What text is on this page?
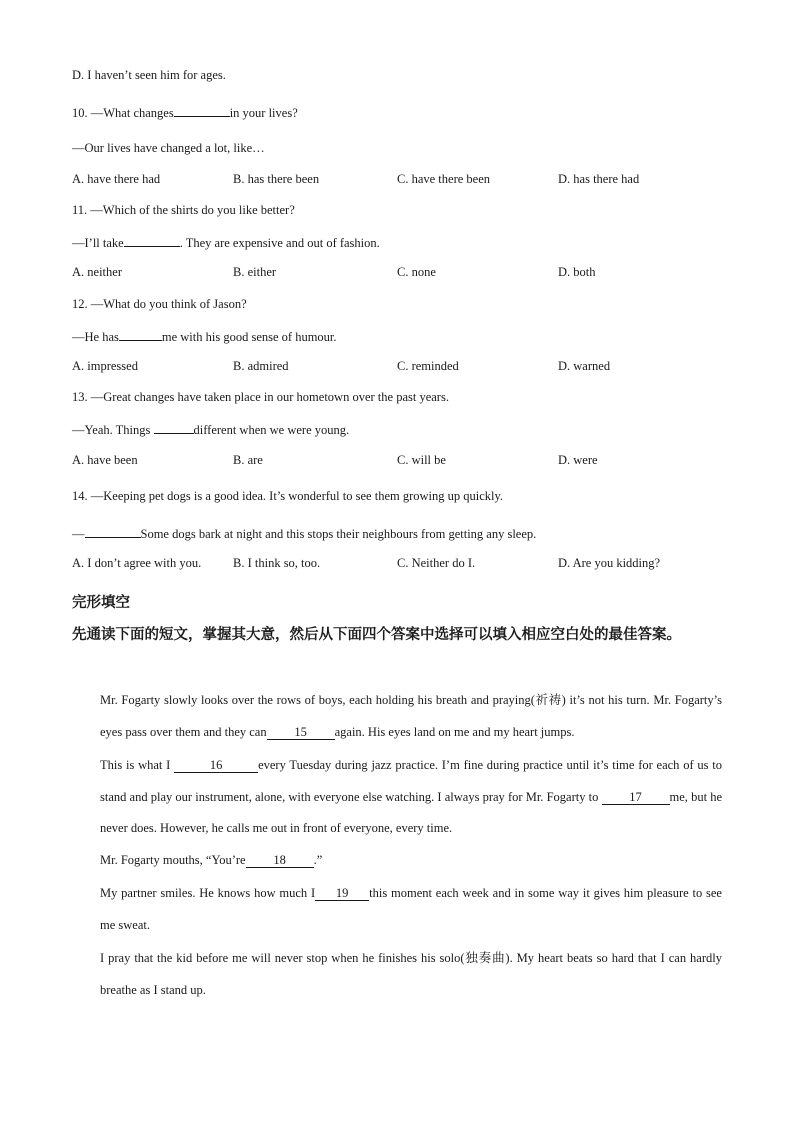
D. I haven’t seen him for ages.
10. —What changes	in your lives?
—Our lives have changed a lot, like…
A. have there had	B. has there been	C. have there been	D. has there had
11. —Which of the shirts do you like better?
—I’ll take	. They are expensive and out of fashion.
A. neither	B. either	C. none	D. both
12. —What do you think of Jason?
—He has	me with his good sense of humour.
A. impressed	B. admired	C. reminded	D. warned
13. —Great changes have taken place in our hometown over the past years.
—Yeah. Things	different when we were young.
A. have been	B. are	C. will be	D. were
14. —Keeping pet dogs is a good idea. It’s wonderful to see them growing up quickly.
—	Some dogs bark at night and this stops their neighbours from getting any sleep.
A. I don’t agree with you.	B. I think so, too.	C. Neither do I.	D. Are you kidding?
完形填空
先通读下面的短文，掌握其大意，然后从下面四个答案中选择可以填入相应空白处的最佳答案。
Mr. Fogarty slowly looks over the rows of boys, each holding his breath and praying(祈祷) it’s not his turn. Mr. Fogarty’s eyes pass over them and they can 15 again. His eyes land on me and my heart jumps.
This is what I	16	every Tuesday during jazz practice. I’m fine during practice until it’s time for each of us to stand and play our instrument, alone, with everyone else watching. I always pray for Mr. Fogarty to 17 me, but he never does. However, he calls me out in front of everyone, every time.
Mr. Fogarty mouths, “You’re 18 .”
My partner smiles. He knows how much I 19 this moment each week and in some way it gives him pleasure to see me sweat.
I pray that the kid before me will never stop when he finishes his solo(独奏曲). My heart beats so hard that I can hardly breathe as I stand up.
